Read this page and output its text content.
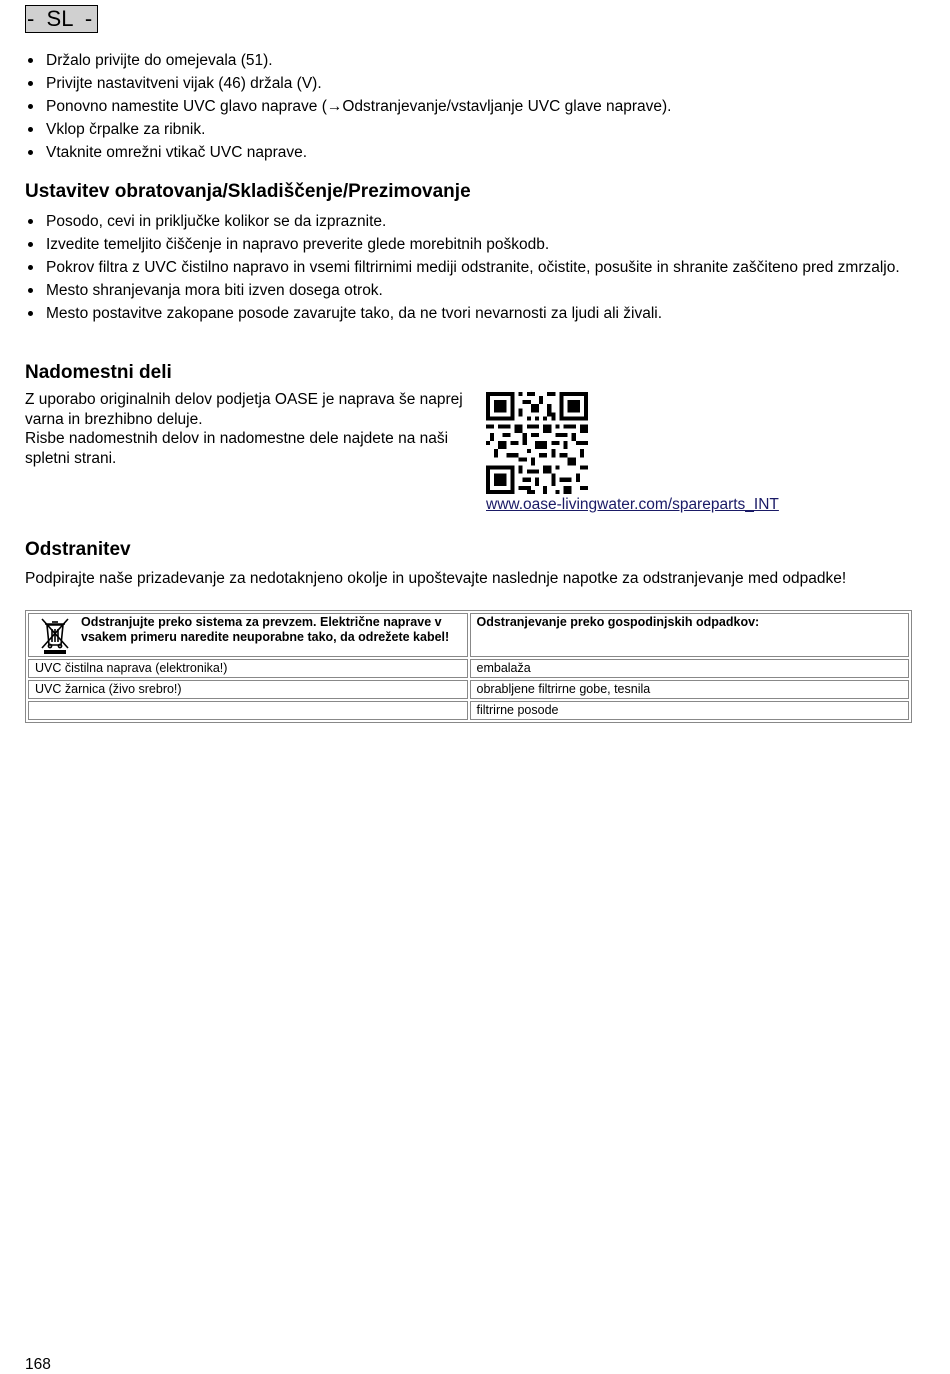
-  SL  -
Držalo privijte do omejevala (51).
Privijte nastavitveni vijak (46) držala (V).
Ponovno namestite UVC glavo naprave (→Odstranjevanje/vstavljanje UVC glave naprave).
Vklop črpalke za ribnik.
Vtaknite omrežni vtikač UVC naprave.
Ustavitev obratovanja/Skladiščenje/Prezimovanje
Posodo, cevi in priključke kolikor se da izpraznite.
Izvedite temeljito čiščenje in napravo preverite glede morebitnih poškodb.
Pokrov filtra z UVC čistilno napravo in vsemi filtrirnimi mediji odstranite, očistite, posušite in shranite zaščiteno pred zmrzaljo.
Mesto shranjevanja mora biti izven dosega otrok.
Mesto postavitve zakopane posode zavarujte tako, da ne tvori nevarnosti za ljudi ali živali.
Nadomestni deli

Z uporabo originalnih delov podjetja OASE je naprava še naprej varna in brezhibno deluje.
Risbe nadomestnih delov in nadomestne dele najdete na naši spletni strani.

www.oase-livingwater.com/spareparts_INT
Odstranitev

Podpirajte naše prizadevanje za nedotaknjeno okolje in upoštevajte naslednje napotke za odstranjevanje med odpadke!

Odstranjujte preko sistema za prevzem. Električne naprave v vsakem primeru naredite neuporabne tako, da odrežete kabel!	Odstranjevanje preko gospodinjskih odpadkov:
UVC čistilna naprava (elektronika!)	embalaža
UVC žarnica (živo srebro!)	obrabljene filtrirne gobe, tesnila
	filtrirne posode
168
